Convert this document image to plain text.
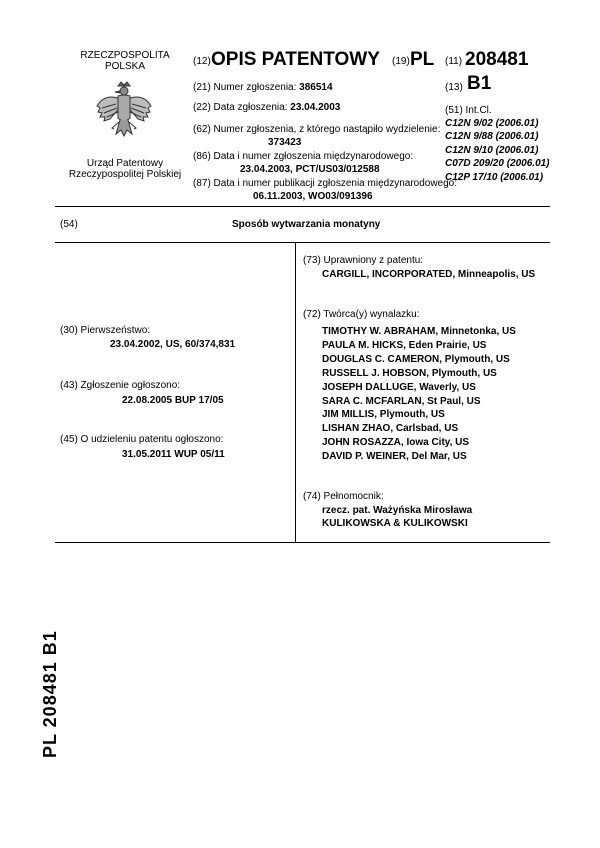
RZECZPOSPOLITA
POLSKA
Urząd Patentowy
Rzeczypospolitej Polskiej
(12) OPIS PATENTOWY (19) PL (11) 208481
(13) B1
(21) Numer zgłoszenia: 386514
(22) Data zgłoszenia: 23.04.2003
(62) Numer zgłoszenia, z którego nastąpiło wydzielenie:
373423
(86) Data i numer zgłoszenia międzynarodowego:
23.04.2003, PCT/US03/012588
(87) Data i numer publikacji zgłoszenia międzynarodowego:
06.11.2003, WO03/091396
(51) Int.Cl.
C12N 9/02 (2006.01)
C12N 9/88 (2006.01)
C12N 9/10 (2006.01)
C07D 209/20 (2006.01)
C12P 17/10 (2006.01)
(54)	Sposób wytwarzania monatyny
(30) Pierwszeństwo:
23.04.2002, US, 60/374,831
(43) Zgłoszenie ogłoszono:
22.08.2005 BUP 17/05
(45) O udzieleniu patentu ogłoszono:
31.05.2011 WUP 05/11
(73) Uprawniony z patentu:
CARGILL, INCORPORATED, Minneapolis, US
(72) Twórca(y) wynalazku:
TIMOTHY W. ABRAHAM, Minnetonka, US
PAULA M. HICKS, Eden Prairie, US
DOUGLAS C. CAMERON, Plymouth, US
RUSSELL J. HOBSON, Plymouth, US
JOSEPH DALLUGE, Waverly, US
SARA C. MCFARLAN, St Paul, US
JIM MILLIS, Plymouth, US
LISHAN ZHAO, Carlsbad, US
JOHN ROSAZZA, Iowa City, US
DAVID P. WEINER, Del Mar, US
(74) Pełnomocnik:
rzecz. pat. Ważyńska Mirosława
KULIKOWSKA & KULIKOWSKI
PL 208481 B1
